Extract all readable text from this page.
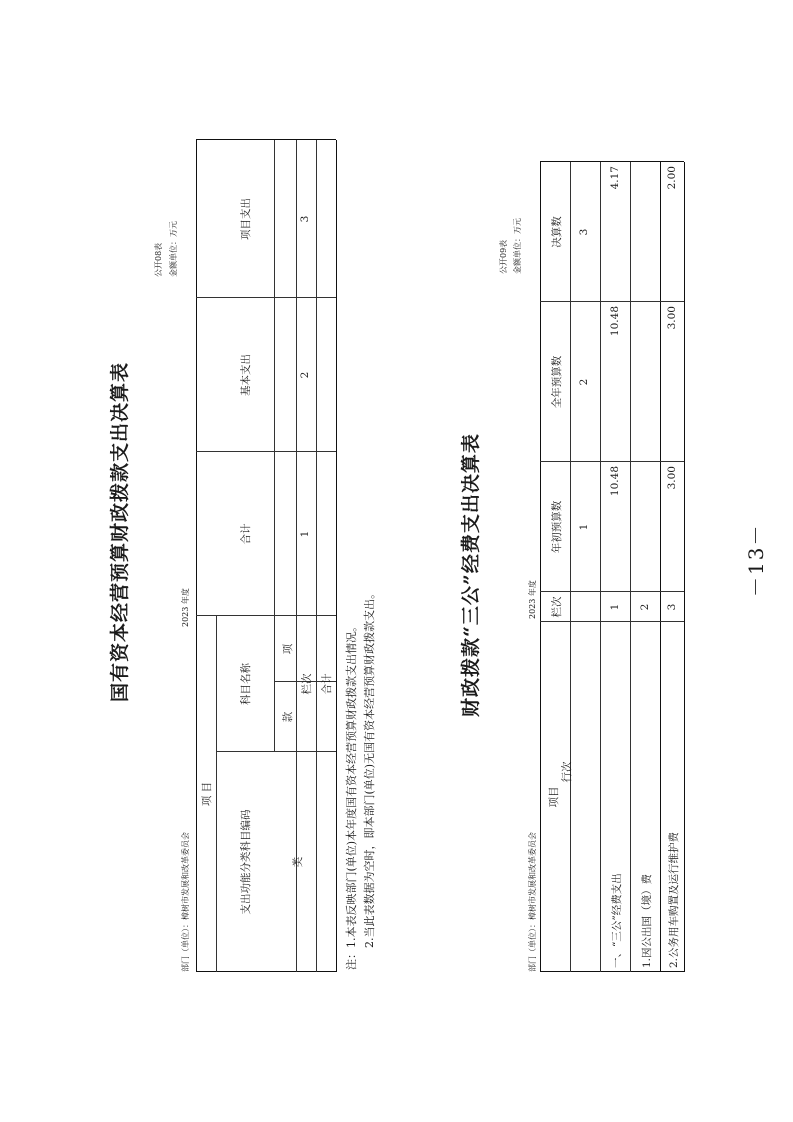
国有资本经营预算财政拨款支出决算表
公开08表 金额单位：万元
部门（单位）：樟树市发展和改革委员会
2023 年度
项 目
支出功能分类科目编码
科目名称
类
款
项
合计
基本支出
项目支出
栏次 合计
1
2
3
注：1.本表反映部门(单位)本年度国有资本经营预算财政拨款支出情况。 2.当此表数据为空时，即本部门(单位)无国有资本经营预算财政拨款支出。
财政拨款“三公”经费支出决算表
公开09表 金额单位：万元
部门（单位）：樟树市发展和改革委员会
2023 年度
项目
行次
栏次
年初预算数
全年预算数
决算数
1
2
3
一、“三公”经费支出
1
10.48
10.48
4.17
1.因公出国（境）费
2
2.公务用车购置及运行维护费
3
3.00
3.00
2.00
－13－
